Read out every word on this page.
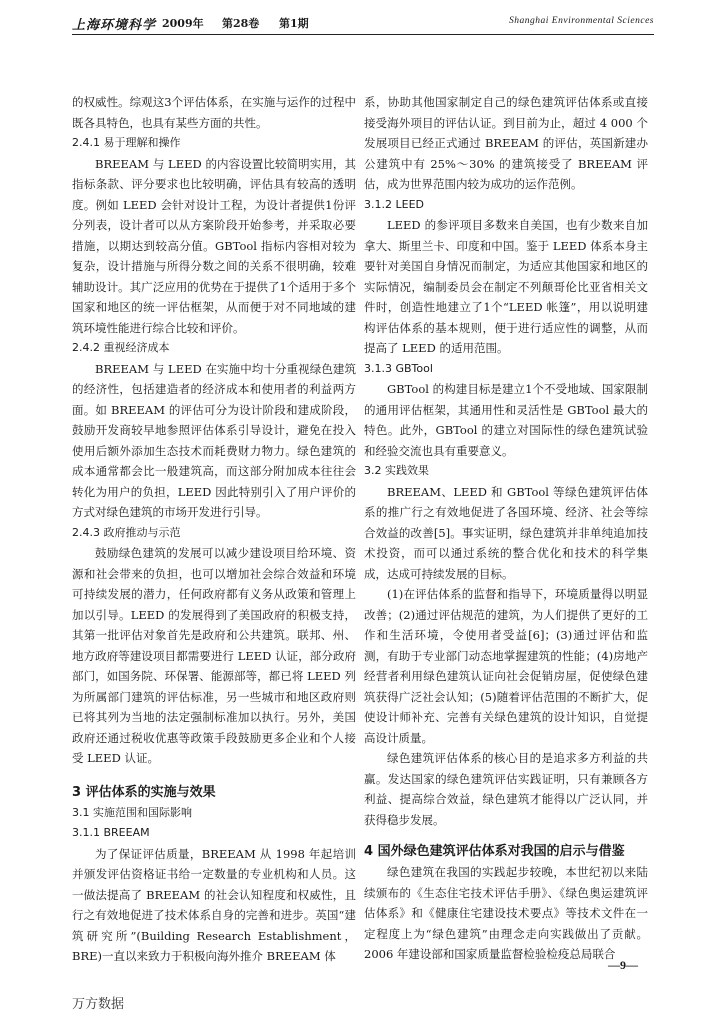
上海环境科学 2009年 第28卷 第1期	Shanghai Environmental Sciences

的权威性。综观这3个评估体系，在实施与运作的过程中既各具特色，也具有某些方面的共性。

2.4.1 易于理解和操作

BREEAM 与 LEED 的内容设置比较简明实用，其指标条款、评分要求也比较明确，评估具有较高的透明度。例如 LEED 会针对设计工程，为设计者提供1份评分列表，设计者可以从方案阶段开始参考，并采取必要措施，以期达到较高分值。GBTool 指标内容相对较为复杂，设计措施与所得分数之间的关系不很明确，较难辅助设计。其广泛应用的优势在于提供了1个适用于多个国家和地区的统一评估框架，从而便于对不同地域的建筑环境性能进行综合比较和评价。

2.4.2 重视经济成本

BREEAM 与 LEED 在实施中均十分重视绿色建筑的经济性，包括建造者的经济成本和使用者的利益两方面。如 BREEAM 的评估可分为设计阶段和建成阶段，鼓励开发商较早地参照评估体系引导设计，避免在投入使用后额外添加生态技术而耗费财力物力。绿色建筑的成本通常都会比一般建筑高，而这部分附加成本往往会转化为用户的负担，LEED 因此特别引入了用户评价的方式对绿色建筑的市场开发进行引导。

2.4.3 政府推动与示范

鼓励绿色建筑的发展可以减少建设项目给环境、资源和社会带来的负担，也可以增加社会综合效益和环境可持续发展的潜力，任何政府都有义务从政策和管理上加以引导。LEED 的发展得到了美国政府的积极支持，其第一批评估对象首先是政府和公共建筑。联邦、州、地方政府等建设项目都需要进行 LEED 认证，部分政府部门，如国务院、环保署、能源部等，都已将 LEED 列为所属部门建筑的评估标准，另一些城市和地区政府则已将其列为当地的法定强制标准加以执行。另外，美国政府还通过税收优惠等政策手段鼓励更多企业和个人接受 LEED 认证。

3 评估体系的实施与效果

3.1 实施范围和国际影响

3.1.1 BREEAM

为了保证评估质量，BREEAM 从 1998 年起培训并颁发评估资格证书给一定数量的专业机构和人员。这一做法提高了 BREEAM 的社会认知程度和权威性，且行之有效地促进了技术体系自身的完善和进步。英国“建筑研究所”(Building Research Establishment，BRE)一直以来致力于积极向海外推介 BREEAM 体

系，协助其他国家制定自己的绿色建筑评估体系或直接接受海外项目的评估认证。到目前为止，超过 4 000 个发展项目已经正式通过 BREEAM 的评估，英国新建办公建筑中有 25%～30% 的建筑接受了 BREEAM 评估，成为世界范围内较为成功的运作范例。

3.1.2 LEED

LEED 的参评项目多数来自美国，也有少数来自加拿大、斯里兰卡、印度和中国。鉴于 LEED 体系本身主要针对美国自身情况而制定，为适应其他国家和地区的实际情况，编制委员会在制定不列颠哥伦比亚省相关文件时，创造性地建立了1个“LEED 帐篷”，用以说明建构评估体系的基本规则，便于进行适应性的调整，从而提高了 LEED 的适用范围。

3.1.3 GBTool

GBTool 的构建目标是建立1个不受地域、国家限制的通用评估框架，其通用性和灵活性是 GBTool 最大的特色。此外，GBTool 的建立对国际性的绿色建筑试验和经验交流也具有重要意义。

3.2 实践效果

BREEAM、LEED 和 GBTool 等绿色建筑评估体系的推广行之有效地促进了各国环境、经济、社会等综合效益的改善[5]。事实证明，绿色建筑并非单纯追加技术投资，而可以通过系统的整合优化和技术的科学集成，达成可持续发展的目标。

(1)在评估体系的监督和指导下，环境质量得以明显改善；(2)通过评估规范的建筑，为人们提供了更好的工作和生活环境，令使用者受益[6]；(3)通过评估和监测，有助于专业部门动态地掌握建筑的性能；(4)房地产经营者利用绿色建筑认证向社会促销房屋，促使绿色建筑获得广泛社会认知；(5)随着评估范围的不断扩大，促使设计师补充、完善有关绿色建筑的设计知识，自觉提高设计质量。

绿色建筑评估体系的核心目的是追求多方利益的共赢。发达国家的绿色建筑评估实践证明，只有兼顾各方利益、提高综合效益，绿色建筑才能得以广泛认同，并获得稳步发展。

4 国外绿色建筑评估体系对我国的启示与借鉴

绿色建筑在我国的实践起步较晚，本世纪初以来陆续颁布的《生态住宅技术评估手册》、《绿色奥运建筑评估体系》和《健康住宅建设技术要点》等技术文件在一定程度上为“绿色建筑”由理念走向实践做出了贡献。2006 年建设部和国家质量监督检验检疫总局联合

—9—
万方数据
